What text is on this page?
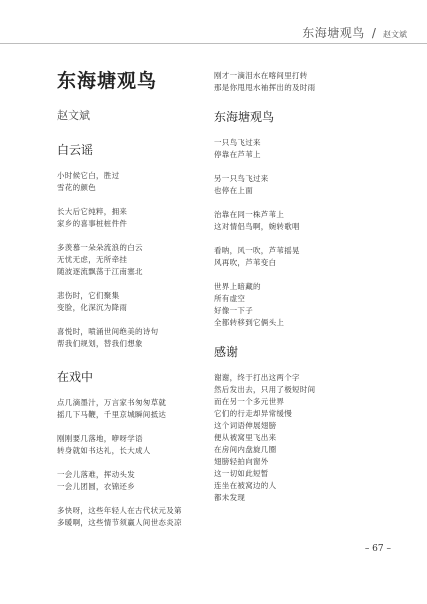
东海塘观鸟 / 赵文斌
东海塘观鸟
赵文斌
白云谣
小时候它白，胜过
雪花的颜色
长大后它纯粹，拥来
家乡的喜事桩桩件件
多羡慕一朵朵流浪的白云
无忧无虑，无所牵挂
随波逐流飘荡于江南塞北
悲伤时，它们聚集
变脸，化深沉为降雨
喜悦时，喷涌世间绝美的诗句
帮我们规划，替我们想象
在戏中
点几滴墨汁，万言家书匆匆草就
摇几下马鞭，千里京城瞬间抵达
刚刚要几落地，咿呀学语
转身就如书达礼，长大成人
一会儿落难，挥动头发
一会儿团圆，衣锦还乡
多快呀，这些年轻人在古代状元及第
多暖啊，这些情节须赢人间世态炎凉
刚才一滴泪水在喀间里打转
那是你甩甩水袖挥出的及时雨
东海塘观鸟
一只鸟飞过来
停靠在芦苇上
另一只鸟飞过来
也停在上面
治靠在同一株芦苇上
这对情侣鸟啊，婉转歌唱
看呐，风一吹，芦苇摇晃
风再吹，芦苇变白
世界上暗藏的
所有虚空
好像一下子
全都转移到它俩头上
感谢
谢谢，终于打出这两个字
然后发出去，只用了极短时间
而在另一个多元世界
它们的行走却异常缓慢
这个词语伸展翅膀
便从被窝里飞出来
在房间内盘旋几圈
翅膀轻拍向窗外
这一切如此短暂
连坐在被窝边的人
都未发现
– 67 –
